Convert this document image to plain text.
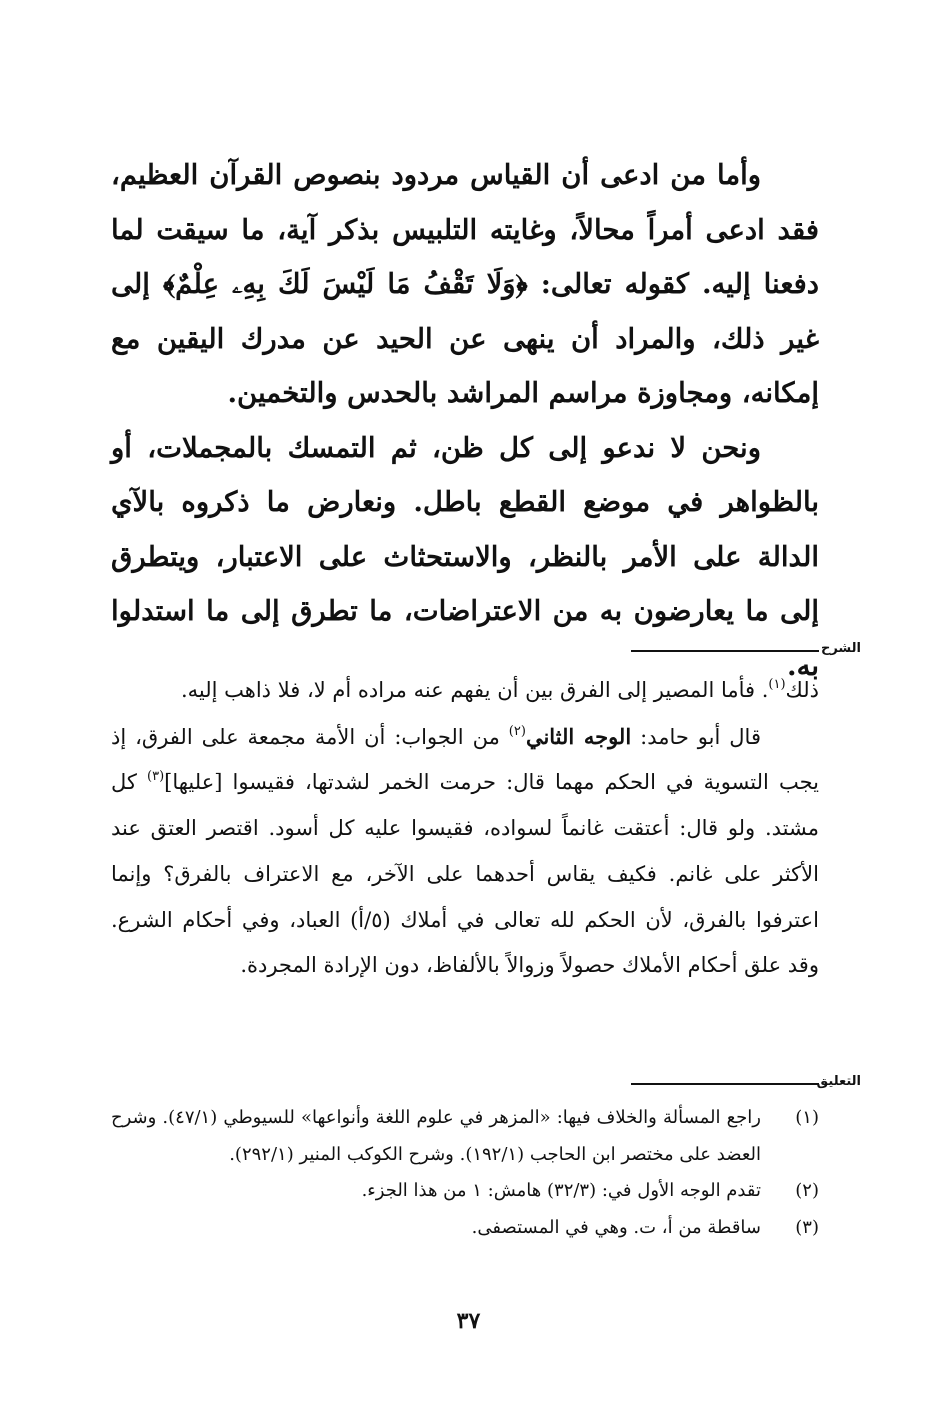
وأما من ادعى أن القياس مردود بنصوص القرآن العظيم، فقد ادعى أمراً محالاً، وغايته التلبيس بذكر آية، ما سيقت لما دفعنا إليه. كقوله تعالى: ﴿وَلَا تَقْفُ مَا لَيْسَ لَكَ بِهِۦ عِلْمٌ﴾ إلى غير ذلك، والمراد أن ينهى عن الحيد عن مدرك اليقين مع إمكانه، ومجاوزة مراسم المراشد بالحدس والتخمين.

ونحن لا ندعو إلى كل ظن، ثم التمسك بالمجملات، أو بالظواهر في موضع القطع باطل. ونعارض ما ذكروه بالآي الدالة على الأمر بالنظر، والاستحثاث على الاعتبار، ويتطرق إلى ما يعارضون به من الاعتراضات، ما تطرق إلى ما استدلوا به.

الشرح

ذلك$^{(١)}$. فأما المصير إلى الفرق بين أن يفهم عنه مراده أم لا، فلا ذاهب إليه.

قال أبو حامد: الوجه الثاني$^{(٢)}$ من الجواب: أن الأمة مجمعة على الفرق، إذ يجب التسوية في الحكم مهما قال: حرمت الخمر لشدتها، فقيسوا [عليها]$^{(٣)}$ كل مشتد. ولو قال: أعتقت غانماً لسواده، فقيسوا عليه كل أسود. اقتصر العتق عند الأكثر على غانم. فكيف يقاس أحدهما على الآخر، مع الاعتراف بالفرق؟ وإنما اعترفوا بالفرق، لأن الحكم لله تعالى في أملاك (٥/أ) العباد، وفي أحكام الشرع. وقد علق أحكام الأملاك حصولاً وزوالاً بالألفاظ، دون الإرادة المجردة.

التعليق
(١)
راجع المسألة والخلاف فيها: «المزهر في علوم اللغة وأنواعها» للسيوطي (٤٧/١). وشرح العضد على مختصر ابن الحاجب (١٩٢/١). وشرح الكوكب المنير (٢٩٢/١).
(٢)
تقدم الوجه الأول في: (٣٢/٣) هامش: ١ من هذا الجزء.
(٣)
ساقطة من أ، ت. وهي في المستصفى.
٣٧
